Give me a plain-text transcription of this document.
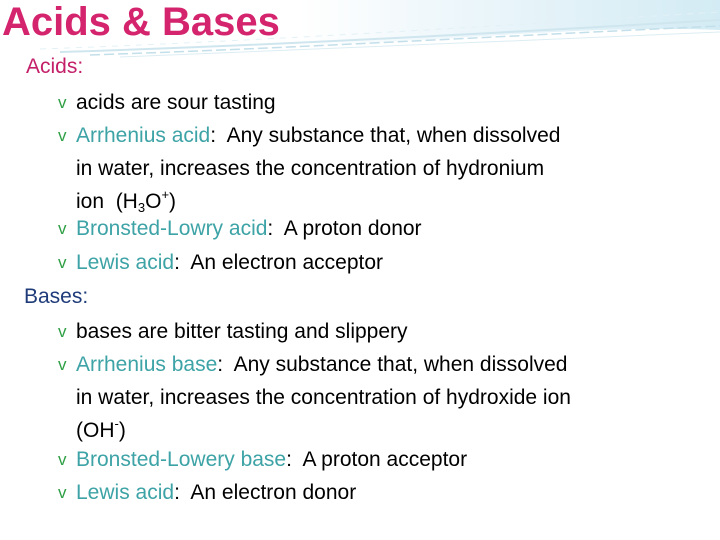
Acids & Bases
Acids:
v acids are sour tasting
v Arrhenius acid:  Any substance that, when dissolved
in water, increases the concentration of hydronium
ion  $(H_3O^+)$
v Bronsted-Lowry acid:  A proton donor
v Lewis acid:  An electron acceptor
Bases:
v bases are bitter tasting and slippery
v Arrhenius base:  Any substance that, when dissolved
in water, increases the concentration of hydroxide ion
(OH-)
v Bronsted-Lowery base:  A proton acceptor
v Lewis acid:  An electron donor
